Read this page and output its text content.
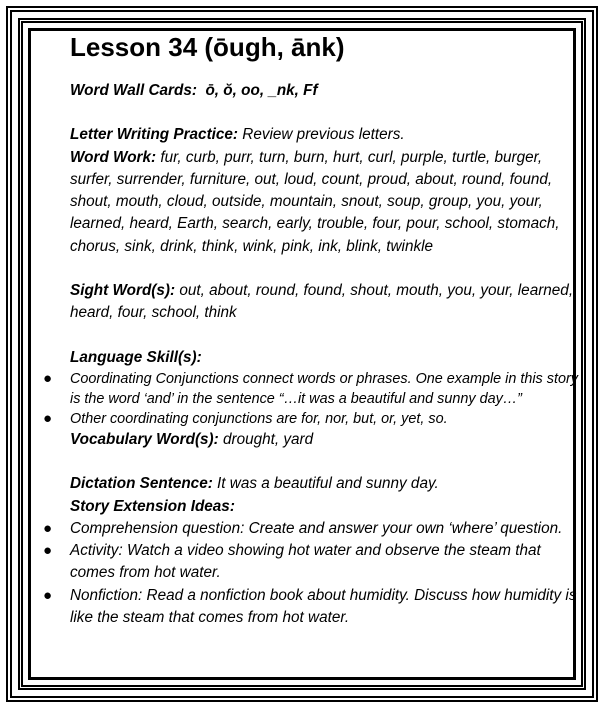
Lesson 34 (ōugh, ānk)

Word Wall Cards: ō, ŏ, oo, _nk, Ff

Letter Writing Practice: Review previous letters.

Word Work: fur, curb, purr, turn, burn, hurt, curl, purple, turtle, burger, surfer, surrender, furniture, out, loud, count, proud, about, round, found, shout, mouth, cloud, outside, mountain, snout, soup, group, you, your, learned, heard, Earth, search, early, trouble, four, pour, school, stomach, chorus, sink, drink, think, wink, pink, ink, blink, twinkle

Sight Word(s): out, about, round, found, shout, mouth, you, your, learned, heard, four, school, think

Language Skill(s):

● Coordinating Conjunctions connect words or phrases. One example in this story is the word ‘and’ in the sentence “…it was a beautiful and sunny day…”
● Other coordinating conjunctions are for, nor, but, or, yet, so.

Vocabulary Word(s): drought, yard

Dictation Sentence: It was a beautiful and sunny day.

Story Extension Ideas:

● Comprehension question: Create and answer your own ‘where’ question.
● Activity: Watch a video showing hot water and observe the steam that comes from hot water.
● Nonfiction: Read a nonfiction book about humidity. Discuss how humidity is like the steam that comes from hot water.
